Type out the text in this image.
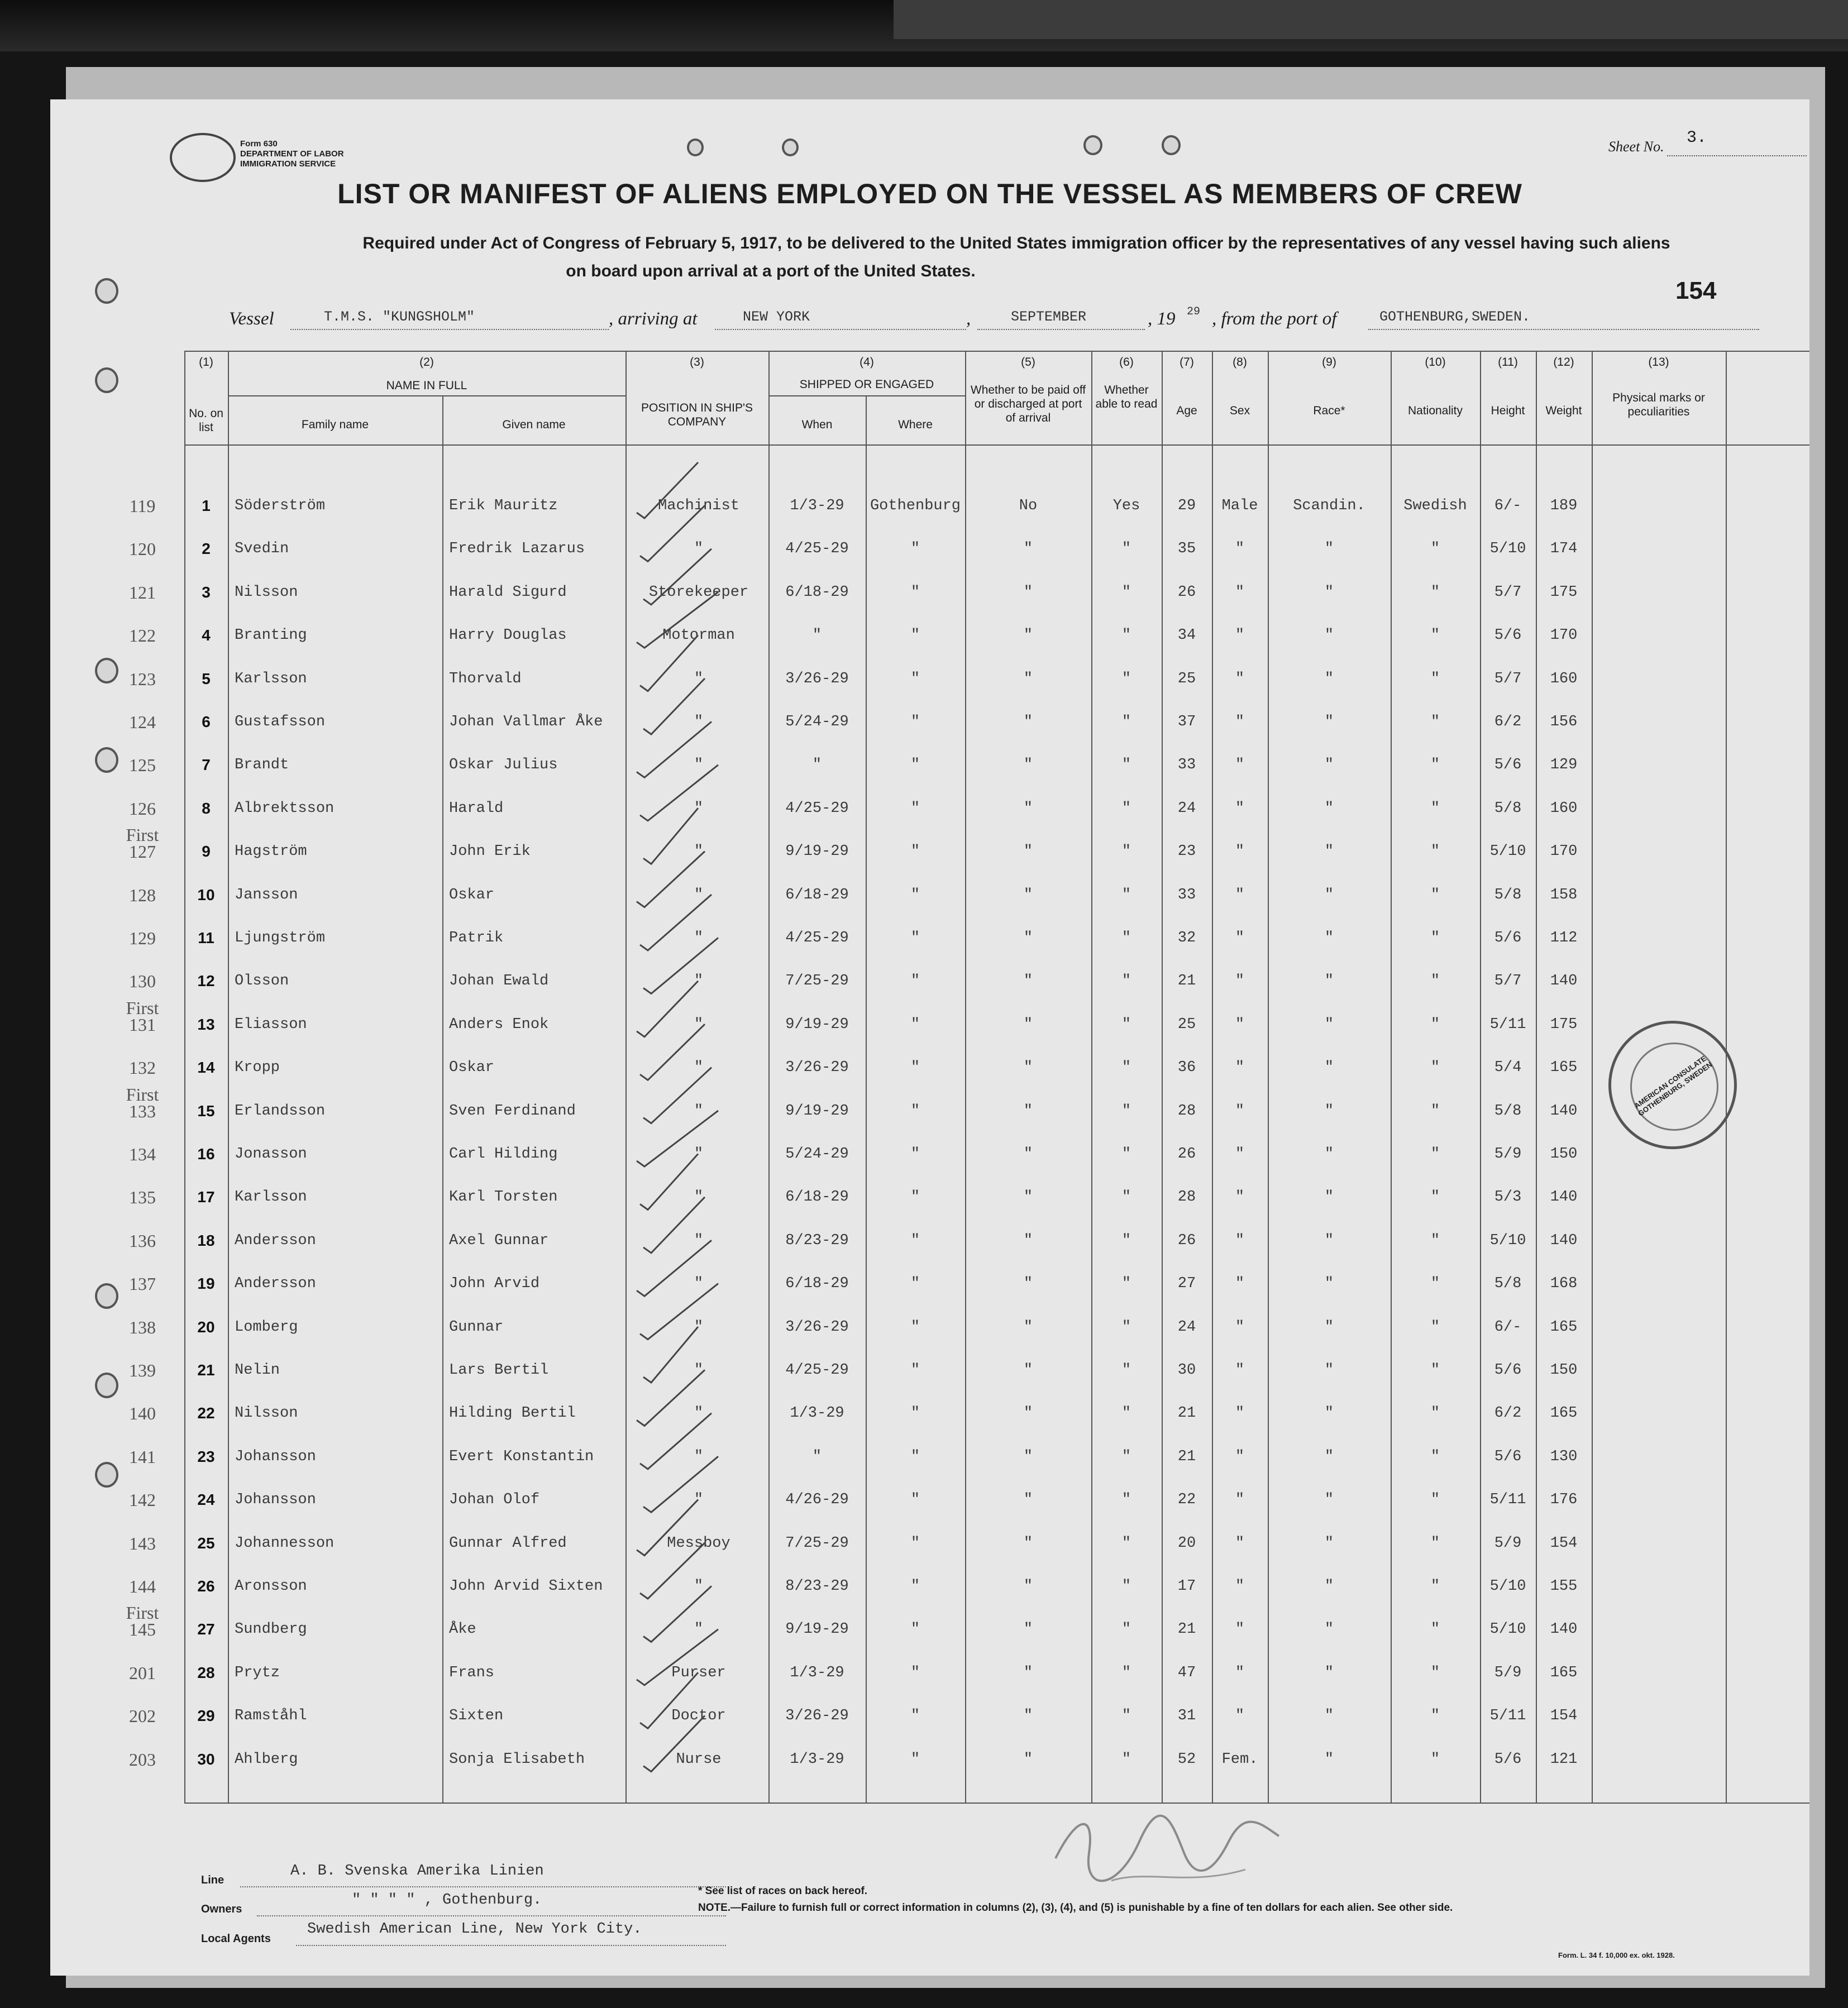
Form 630
DEPARTMENT OF LABOR
IMMIGRATION SERVICE
Sheet No. 3.
LIST OR MANIFEST OF ALIENS EMPLOYED ON THE VESSEL AS MEMBERS OF CREW
Required under Act of Congress of February 5, 1917, to be delivered to the United States immigration officer by the representatives of any vessel having such aliens
on board upon arrival at a port of the United States.
154
Vessel	T.M.S. "KUNGSHOLM"	, arriving at	NEW YORK	,	SEPTEMBER	, 19 29 , from the port of	GOTHENBURG,SWEDEN.
(1)
No. on list
(2)
NAME IN FULL
Family name	Given name
(3)
POSITION IN SHIP'S COMPANY
(4)
SHIPPED OR ENGAGED
When	Where
(5)
Whether to be paid off or discharged at port of arrival
(6)
Whether able to read
(7)
Age
(8)
Sex
(9)
Race*
(10)
Nationality
(11)
Height
(12)
Weight
(13)
Physical marks or peculiarities
119	1	Söderström	Erik Mauritz	Machinist	1/3-29	Gothenburg	No	Yes	29	Male	Scandin.	Swedish	6/-	189
120	2	Svedin	Fredrik Lazarus	"	4/25-29	"	"	"	35	"	"	"	5/10	174
121	3	Nilsson	Harald Sigurd	Storekeeper	6/18-29	"	"	"	26	"	"	"	5/7	175
122	4	Branting	Harry Douglas	Motorman	"	"	"	"	34	"	"	"	5/6	170
123	5	Karlsson	Thorvald	"	3/26-29	"	"	"	25	"	"	"	5/7	160
124	6	Gustafsson	Johan Vallmar Åke	"	5/24-29	"	"	"	37	"	"	"	6/2	156
125	7	Brandt	Oskar Julius	"	"	"	"	"	33	"	"	"	5/6	129
126	8	Albrektsson	Harald	"	4/25-29	"	"	"	24	"	"	"	5/8	160
First
127	9	Hagström	John Erik	"	9/19-29	"	"	"	23	"	"	"	5/10	170
128	10	Jansson	Oskar	"	6/18-29	"	"	"	33	"	"	"	5/8	158
129	11	Ljungström	Patrik	"	4/25-29	"	"	"	32	"	"	"	5/6	112
130	12	Olsson	Johan Ewald	"	7/25-29	"	"	"	21	"	"	"	5/7	140
First
131	13	Eliasson	Anders Enok	"	9/19-29	"	"	"	25	"	"	"	5/11	175
132	14	Kropp	Oskar	"	3/26-29	"	"	"	36	"	"	"	5/4	165
First
133	15	Erlandsson	Sven Ferdinand	"	9/19-29	"	"	"	28	"	"	"	5/8	140
134	16	Jonasson	Carl Hilding	"	5/24-29	"	"	"	26	"	"	"	5/9	150
135	17	Karlsson	Karl Torsten	"	6/18-29	"	"	"	28	"	"	"	5/3	140
136	18	Andersson	Axel Gunnar	"	8/23-29	"	"	"	26	"	"	"	5/10	140
137	19	Andersson	John Arvid	"	6/18-29	"	"	"	27	"	"	"	5/8	168
138	20	Lomberg	Gunnar	"	3/26-29	"	"	"	24	"	"	"	6/-	165
139	21	Nelin	Lars Bertil	"	4/25-29	"	"	"	30	"	"	"	5/6	150
140	22	Nilsson	Hilding Bertil	"	1/3-29	"	"	"	21	"	"	"	6/2	165
141	23	Johansson	Evert Konstantin	"	"	"	"	"	21	"	"	"	5/6	130
142	24	Johansson	Johan Olof	"	4/26-29	"	"	"	22	"	"	"	5/11	176
143	25	Johannesson	Gunnar Alfred	Messboy	7/25-29	"	"	"	20	"	"	"	5/9	154
144	26	Aronsson	John Arvid Sixten	"	8/23-29	"	"	"	17	"	"	"	5/10	155
First
145	27	Sundberg	Åke	"	9/19-29	"	"	"	21	"	"	"	5/10	140
201	28	Prytz	Frans	Purser	1/3-29	"	"	"	47	"	"	"	5/9	165
202	29	Ramståhl	Sixten	Doctor	3/26-29	"	"	"	31	"	"	"	5/11	154
203	30	Ahlberg	Sonja Elisabeth	Nurse	1/3-29	"	"	"	52	Fem.	"	"	5/6	121
AMERICAN CONSULATE GOTHENBURG, SWEDEN
Line
A. B. Svenska Amerika Linien
Owners
" " " " , Gothenburg.
Local Agents
Swedish American Line, New York City.
* See list of races on back hereof.
NOTE.—Failure to furnish full or correct information in columns (2), (3), (4), and (5) is punishable by a fine of ten dollars for each alien. See other side.
Form. L. 34 f. 10,000 ex. okt. 1928.
